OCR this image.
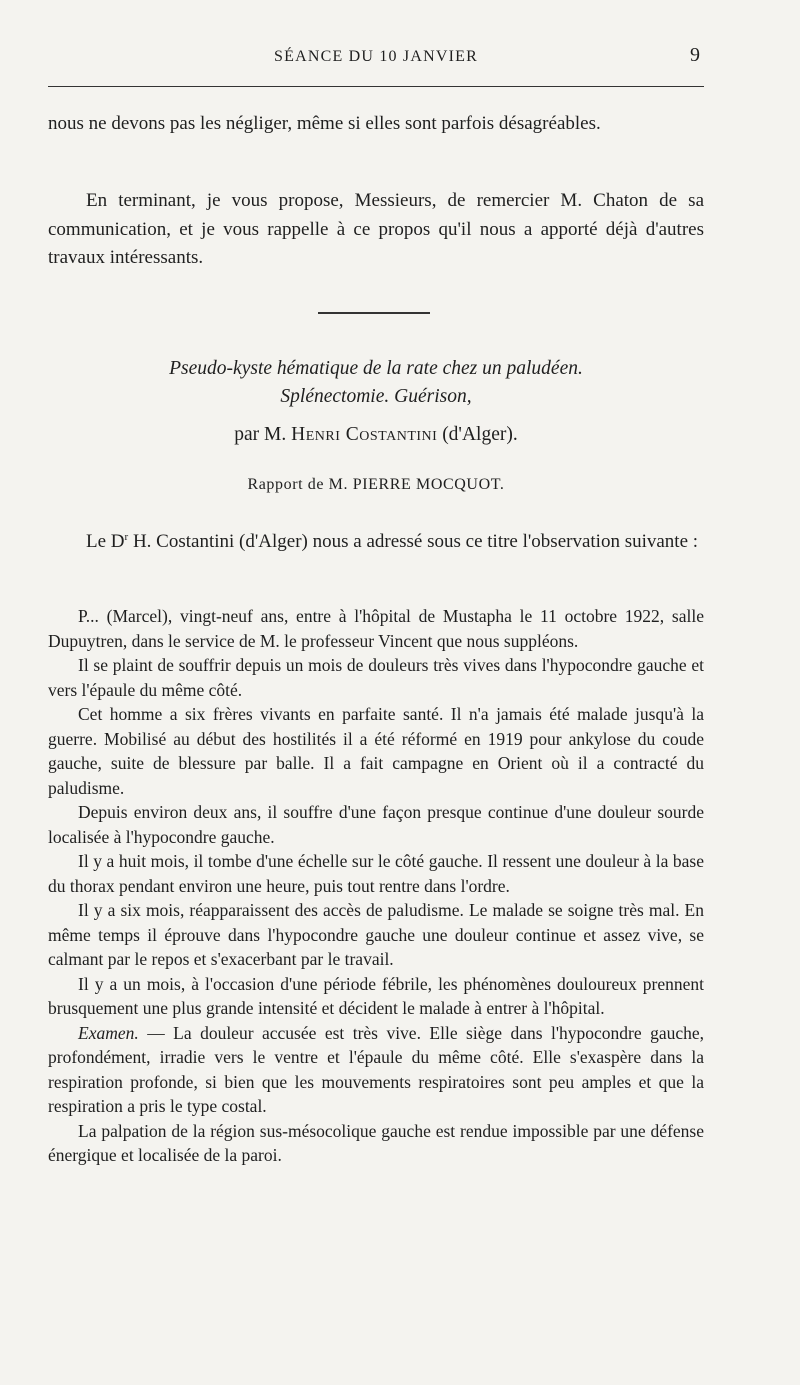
SÉANCE DU 10 JANVIER	9

nous ne devons pas les négliger, même si elles sont parfois désagréables.

En terminant, je vous propose, Messieurs, de remercier M. Chaton de sa communication, et je vous rappelle à ce propos qu'il nous a apporté déjà d'autres travaux intéressants.

Pseudo-kyste hématique de la rate chez un paludéen.
Splénectomie. Guérison,
par M. Henri Costantini (d'Alger).
Rapport de M. PIERRE MOCQUOT.

Le $D^r$ H. Costantini (d'Alger) nous a adressé sous ce titre l'observation suivante :

P... (Marcel), vingt-neuf ans, entre à l'hôpital de Mustapha le 11 octobre 1922, salle Dupuytren, dans le service de M. le professeur Vincent que nous suppléons.

Il se plaint de souffrir depuis un mois de douleurs très vives dans l'hypocondre gauche et vers l'épaule du même côté.

Cet homme a six frères vivants en parfaite santé. Il n'a jamais été malade jusqu'à la guerre. Mobilisé au début des hostilités il a été réformé en 1919 pour ankylose du coude gauche, suite de blessure par balle. Il a fait campagne en Orient où il a contracté du paludisme.

Depuis environ deux ans, il souffre d'une façon presque continue d'une douleur sourde localisée à l'hypocondre gauche.

Il y a huit mois, il tombe d'une échelle sur le côté gauche. Il ressent une douleur à la base du thorax pendant environ une heure, puis tout rentre dans l'ordre.

Il y a six mois, réapparaissent des accès de paludisme. Le malade se soigne très mal. En même temps il éprouve dans l'hypocondre gauche une douleur continue et assez vive, se calmant par le repos et s'exacerbant par le travail.

Il y a un mois, à l'occasion d'une période fébrile, les phénomènes douloureux prennent brusquement une plus grande intensité et décident le malade à entrer à l'hôpital.

Examen. — La douleur accusée est très vive. Elle siège dans l'hypocondre gauche, profondément, irradie vers le ventre et l'épaule du même côté. Elle s'exaspère dans la respiration profonde, si bien que les mouvements respiratoires sont peu amples et que la respiration a pris le type costal.

La palpation de la région sus-mésocolique gauche est rendue impossible par une défense énergique et localisée de la paroi.
